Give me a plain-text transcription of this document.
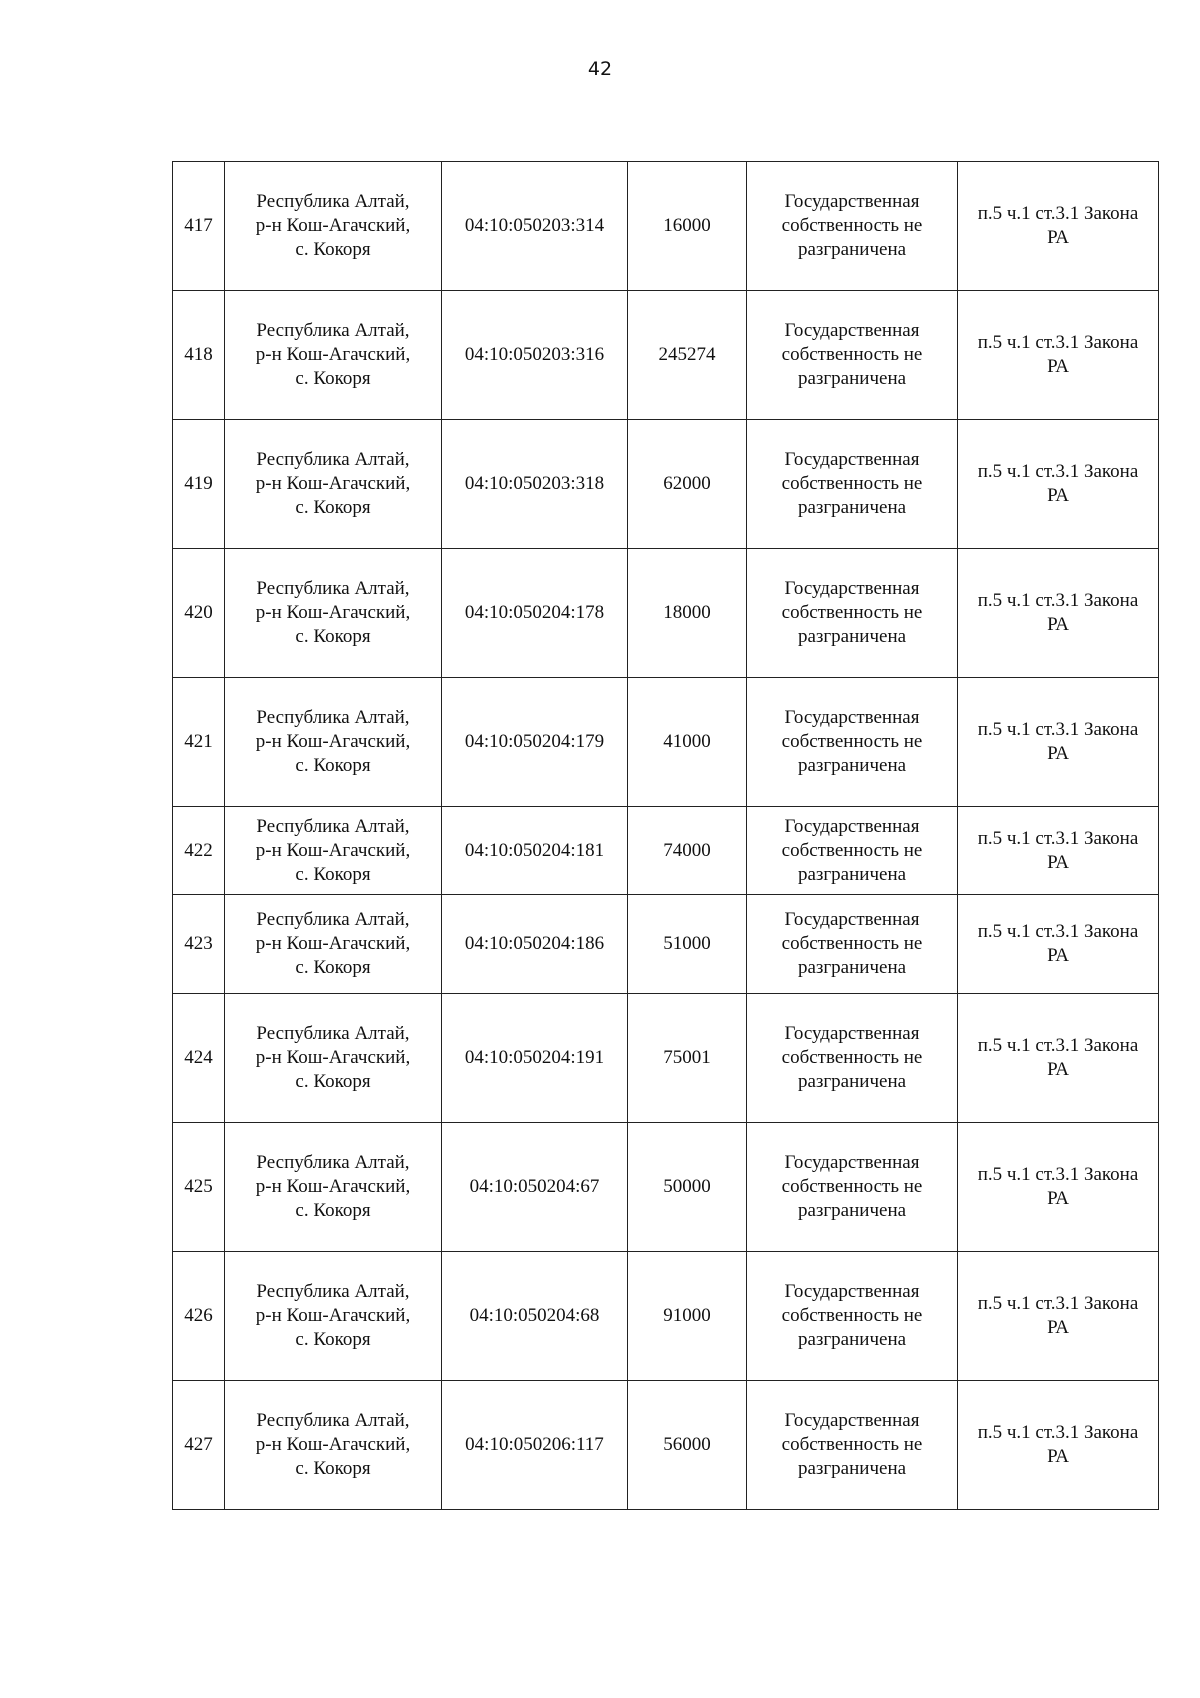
42
417	Республика Алтай,
р-н Кош-Агачский,
с. Кокоря	04:10:050203:314	16000	Государственная
собственность не
разграничена	п.5 ч.1 ст.3.1 Закона
РА

418	Республика Алтай,
р-н Кош-Агачский,
с. Кокоря	04:10:050203:316	245274	Государственная
собственность не
разграничена	п.5 ч.1 ст.3.1 Закона
РА

419	Республика Алтай,
р-н Кош-Агачский,
с. Кокоря	04:10:050203:318	62000	Государственная
собственность не
разграничена	п.5 ч.1 ст.3.1 Закона
РА

420	Республика Алтай,
р-н Кош-Агачский,
с. Кокоря	04:10:050204:178	18000	Государственная
собственность не
разграничена	п.5 ч.1 ст.3.1 Закона
РА

421	Республика Алтай,
р-н Кош-Агачский,
с. Кокоря	04:10:050204:179	41000	Государственная
собственность не
разграничена	п.5 ч.1 ст.3.1 Закона
РА

422	Республика Алтай,
р-н Кош-Агачский,
с. Кокоря	04:10:050204:181	74000	Государственная
собственность не
разграничена	п.5 ч.1 ст.3.1 Закона
РА

423	Республика Алтай,
р-н Кош-Агачский,
с. Кокоря	04:10:050204:186	51000	Государственная
собственность не
разграничена	п.5 ч.1 ст.3.1 Закона
РА

424	Республика Алтай,
р-н Кош-Агачский,
с. Кокоря	04:10:050204:191	75001	Государственная
собственность не
разграничена	п.5 ч.1 ст.3.1 Закона
РА

425	Республика Алтай,
р-н Кош-Агачский,
с. Кокоря	04:10:050204:67	50000	Государственная
собственность не
разграничена	п.5 ч.1 ст.3.1 Закона
РА

426	Республика Алтай,
р-н Кош-Агачский,
с. Кокоря	04:10:050204:68	91000	Государственная
собственность не
разграничена	п.5 ч.1 ст.3.1 Закона
РА

427	Республика Алтай,
р-н Кош-Агачский,
с. Кокоря	04:10:050206:117	56000	Государственная
собственность не
разграничена	п.5 ч.1 ст.3.1 Закона
РА
